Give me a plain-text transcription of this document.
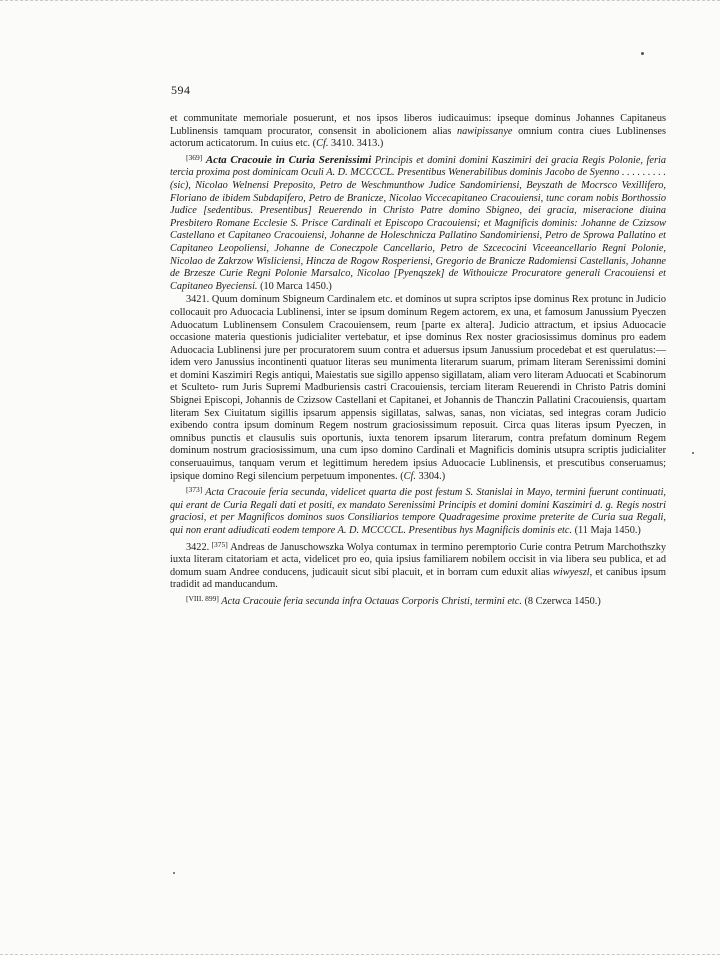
594

et communitate memoriale posuerunt, et nos ipsos liberos iudicauimus: ipseque dominus Johannes Capitaneus Lublinensis tamquam procurator, consensit in abolicionem alias nawipissanye omnium contra ciues Lublinenses actorum acticatorum. In cuius etc. (Cf. 3410. 3413.)

[369] Acta Cracouie in Curia Serenissimi Principis et domini domini Kaszimiri dei gracia Regis Polonie, feria tercia proxima post dominicam Oculi A. D. MCCCCL. Presentibus Wenerabilibus dominis Jacobo de Syenno . . . . . . . . . (sic), Nicolao Welnensi Preposito, Petro de Weschmunthow Judice Sandomiriensi, Beyszath de Mocrsco Vexillifero, Floriano de ibidem Subdapifero, Petro de Branicze, Nicolao Viccecapitaneo Cracouiensi, tunc coram nobis Borthossio Judice [sedentibus. Presentibus] Reuerendo in Christo Patre domino Sbigneo, dei gracia, miseracione diuina Presbitero Romane Ecclesie S. Prisce Cardinali et Episcopo Cracouiensi; et Magnificis dominis: Johanne de Czizsow Castellano et Capitaneo Cracouiensi, Johanne de Holeschnicza Pallatino Sandomiriensi, Petro de Sprowa Pallatino et Capitaneo Leopoliensi, Johanne de Coneczpole Cancellario, Petro de Szcecocini Viceeancellario Regni Polonie, Nicolao de Zakrzow Wisliciensi, Hincza de Rogow Rosperiensi, Gregorio de Branicze Radomiensi Castellanis, Johanne de Brzesze Curie Regni Polonie Marsalco, Nicolao [Pyenqszek] de Withouicze Procuratore generali Cracouiensi et Capitaneo Byeciensi. (10 Marca 1450.)

3421. Quum dominum Sbigneum Cardinalem etc. et dominos ut supra scriptos ipse dominus Rex protunc in Judicio collocauit pro Aduocacia Lublinensi, inter se ipsum dominum Regem actorem, ex una, et famosum Janussium Pyeczen Aduocatum Lublinensem Consulem Cracouiensem, reum [parte ex altera]. Judicio attractum, et ipsius Aduocacie occasione materia questionis judicialiter vertebatur, et ipse dominus Rex noster graciosissimus dominus pro eadem Aduocacia Lublinensi jure per procuratorem suum contra et aduersus ipsum Janussium procedebat et est querulatus:— idem vero Janussius incontinenti quatuor literas seu munimenta literarum suarum, primam literam Serenissimi domini et domini Kaszimiri Regis antiqui, Maiestatis sue sigillo appenso sigillatam, aliam vero literam Aduocati et Scabinorum et Sculteto- rum Juris Supremi Madburiensis castri Cracouiensis, terciam literam Reuerendi in Christo Patris domini Sbignei Episcopi, Johannis de Czizsow Castellani et Capitanei, et Johannis de Thanczin Pallatini Cracouiensis, quartam literam Sex Ciuitatum sigillis ipsarum appensis sigillatas, salwas, sanas, non viciatas, sed integras coram Judicio exibendo contra ipsum dominum Regem nostrum graciosissimum reposuit. Circa quas literas ipsum Pyeczen, in omnibus punctis et clausulis suis oportunis, iuxta tenorem ipsarum literarum, contra prefatum dominum Regem dominum nostrum graciosissimum, una cum ipso domino Cardinali et Magnificis dominis utsupra scriptis judicialiter conseruauimus, tanquam verum et legittimum heredem ipsius Aduocacie Lublinensis, et prescutibus conseruamus; ipsique domino Regi silencium perpetuum imponentes. (Cf. 3304.)

[373] Acta Cracouie feria secunda, videlicet quarta die post festum S. Stanislai in Mayo, termini fuerunt continuati, qui erant de Curia Regali dati et positi, ex mandato Serenissimi Principis et domini domini Kaszimiri d. g. Regis nostri graciosi, et per Magnificos dominos suos Consiliarios tempore Quadragesime proxime preterite de Curia sua Regali, qui non erant adiudicati eodem tempore A. D. MCCCCL. Presentibus hys Magnificis dominis etc. (11 Maja 1450.)

3422. [375] Andreas de Januschowszka Wolya contumax in termino peremptorio Curie contra Petrum Marchothszky iuxta literam citatoriam et acta, videlicet pro eo, quia ipsius familiarem nobilem occisit in via libera seu publica, et ad domum suam Andree conducens, judicauit sicut sibi placuit, et in borram cum eduxit alias wiwyeszl, et canibus ipsum tradidit ad manducandum.

[VIII. 899] Acta Cracouie feria secunda infra Octauas Corporis Christi, termini etc. (8 Czerwca 1450.)
